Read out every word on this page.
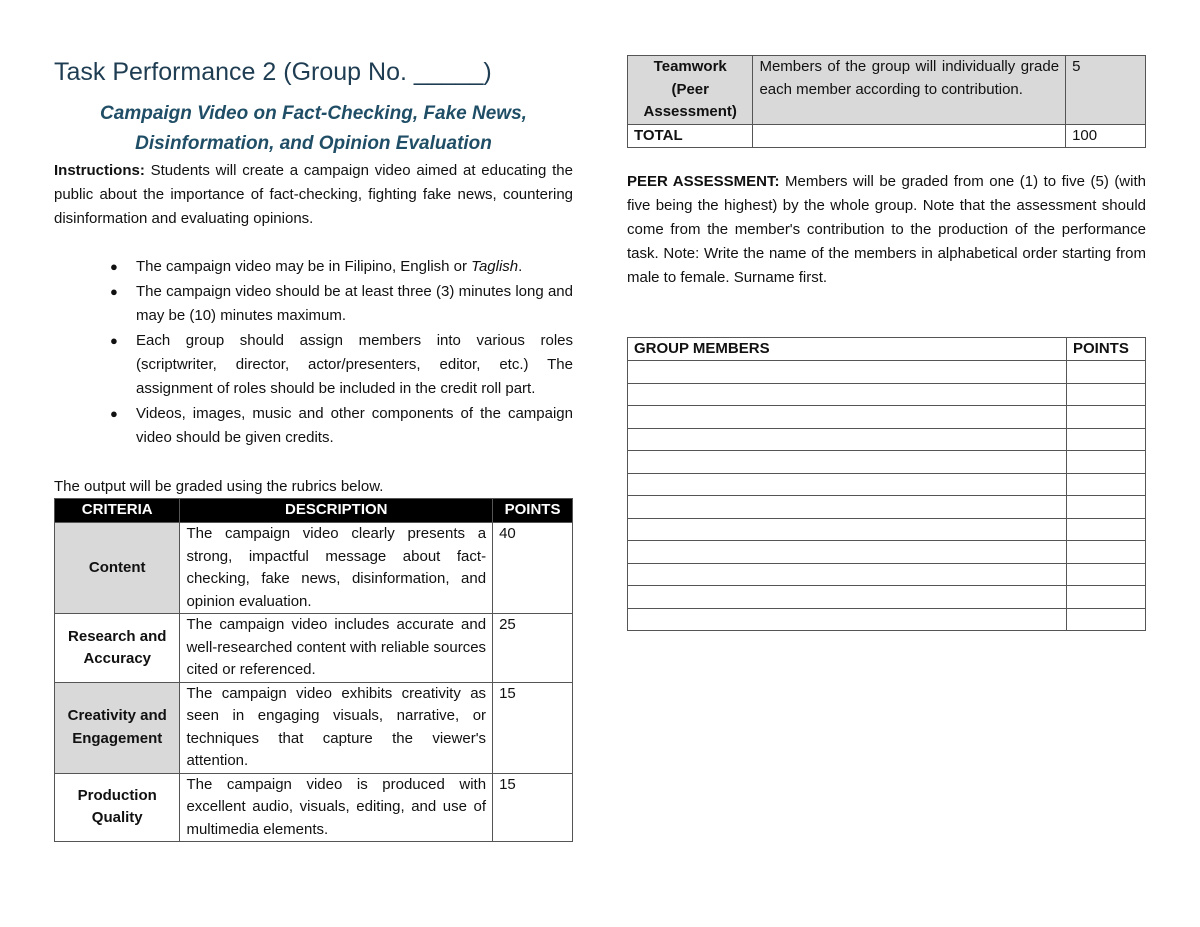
Task Performance 2 (Group No. _____)
Campaign Video on Fact-Checking, Fake News,
Disinformation, and Opinion Evaluation

Instructions: Students will create a campaign video aimed at educating the public about the importance of fact-checking, fighting fake news, countering disinformation and evaluating opinions.

● The campaign video may be in Filipino, English or Taglish.
● The campaign video should be at least three (3) minutes long and may be (10) minutes maximum.
● Each group should assign members into various roles (scriptwriter, director, actor/presenters, editor, etc.) The assignment of roles should be included in the credit roll part.
● Videos, images, music and other components of the campaign video should be given credits.

The output will be graded using the rubrics below.

CRITERIA	DESCRIPTION	POINTS
Content	The campaign video clearly presents a strong, impactful message about fact-checking, fake news, disinformation, and opinion evaluation.	40
Research and Accuracy	The campaign video includes accurate and well-researched content with reliable sources cited or referenced.	25
Creativity and Engagement	The campaign video exhibits creativity as seen in engaging visuals, narrative, or techniques that capture the viewer's attention.	15
Production Quality	The campaign video is produced with excellent audio, visuals, editing, and use of multimedia elements.	15
Teamwork (Peer Assessment)	Members of the group will individually grade each member according to contribution.	5
TOTAL		100

PEER ASSESSMENT: Members will be graded from one (1) to five (5) (with five being the highest) by the whole group. Note that the assessment should come from the member's contribution to the production of the performance task. Note: Write the name of the members in alphabetical order starting from male to female. Surname first.

GROUP MEMBERS	POINTS
